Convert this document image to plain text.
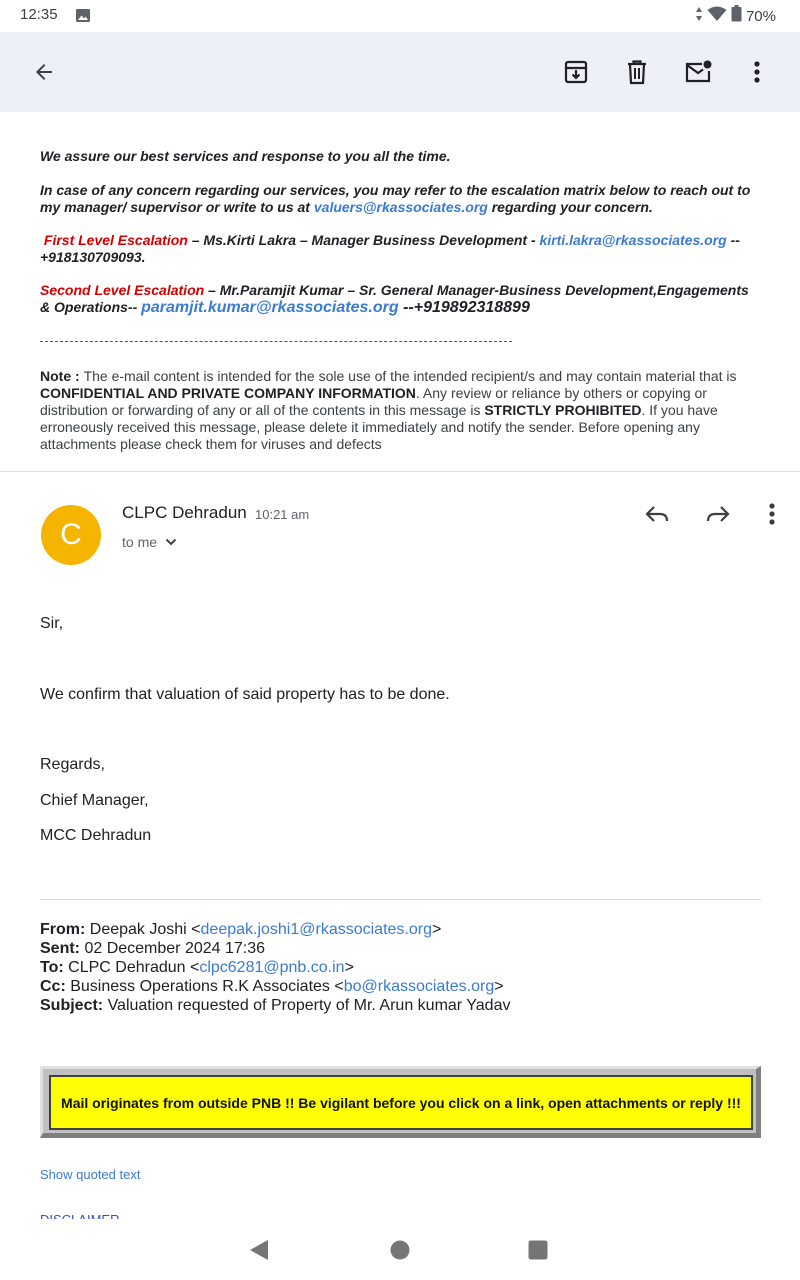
12:35	70%

We assure our best services and response to you all the time.

In case of any concern regarding our services, you may refer to the escalation matrix below to reach out to my manager/ supervisor or write to us at valuers@rkassociates.org regarding your concern.

First Level Escalation – Ms.Kirti Lakra – Manager Business Development - kirti.lakra@rkassociates.org --+918130709093.

Second Level Escalation – Mr.Paramjit Kumar – Sr. General Manager-Business Development,Engagements & Operations-- paramjit.kumar@rkassociates.org --+919892318899

Note : The e-mail content is intended for the sole use of the intended recipient/s and may contain material that is CONFIDENTIAL AND PRIVATE COMPANY INFORMATION. Any review or reliance by others or copying or distribution or forwarding of any or all of the contents in this message is STRICTLY PROHIBITED. If you have erroneously received this message, please delete it immediately and notify the sender. Before opening any attachments please check them for viruses and defects
C
CLPC Dehradun 10:21 am
to me

Sir,

We confirm that valuation of said property has to be done.

Regards,

Chief Manager,

MCC Dehradun

From: Deepak Joshi <deepak.joshi1@rkassociates.org>
Sent: 02 December 2024 17:36
To: CLPC Dehradun <clpc6281@pnb.co.in>
Cc: Business Operations R.K Associates <bo@rkassociates.org>
Subject: Valuation requested of Property of Mr. Arun kumar Yadav
Mail originates from outside PNB !! Be vigilant before you click on a link, open attachments or reply !!!
Show quoted text
